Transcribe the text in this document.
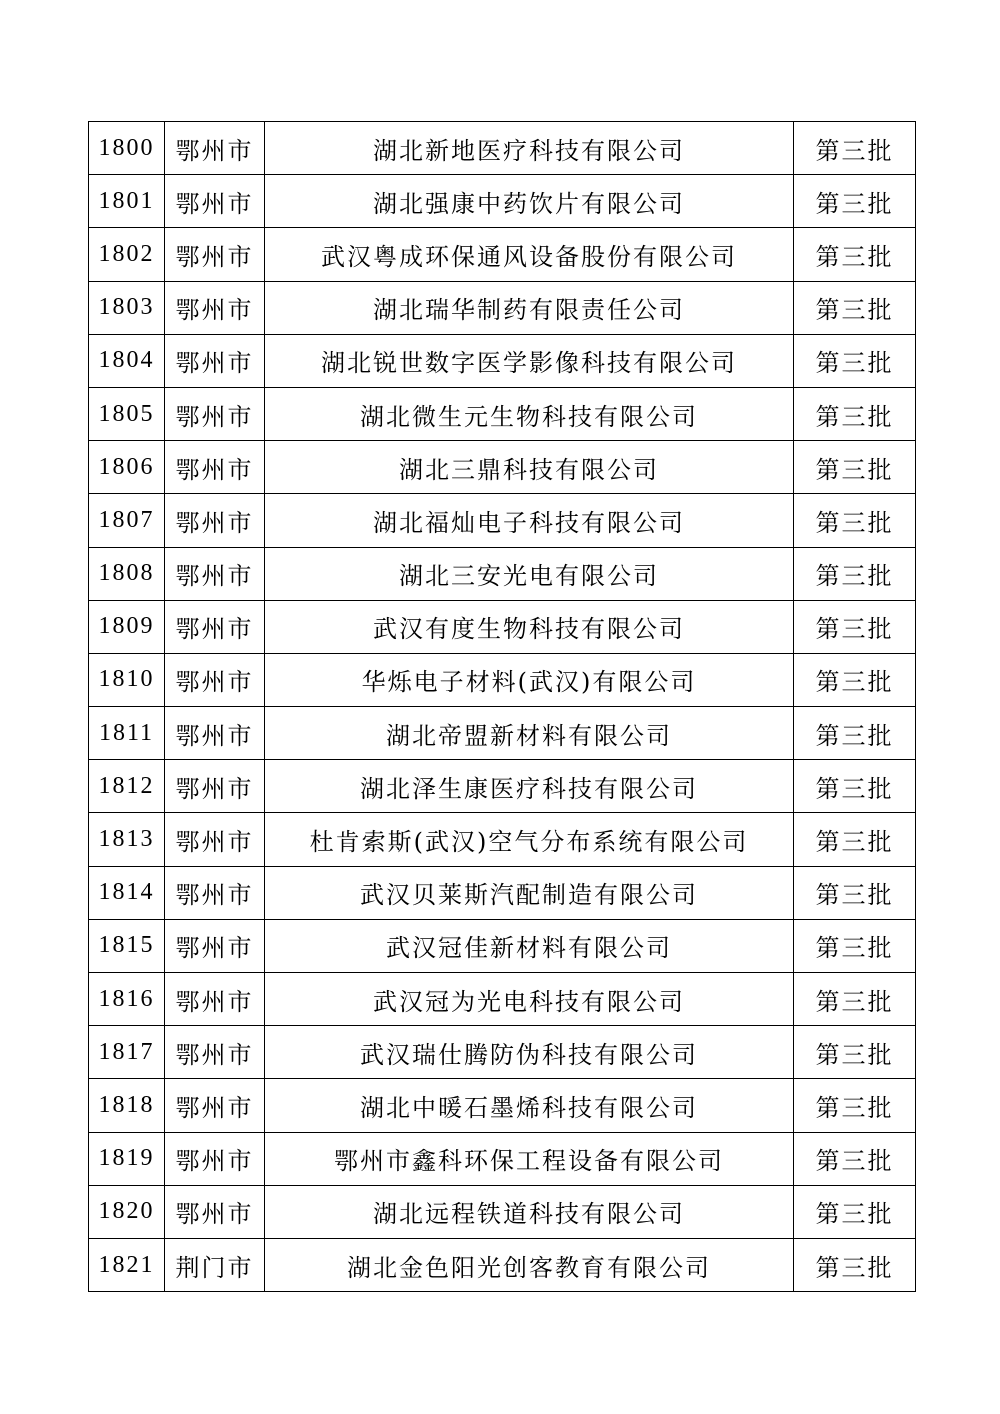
1800	鄂州市	湖北新地医疗科技有限公司	第三批
1801	鄂州市	湖北强康中药饮片有限公司	第三批
1802	鄂州市	武汉粤成环保通风设备股份有限公司	第三批
1803	鄂州市	湖北瑞华制药有限责任公司	第三批
1804	鄂州市	湖北锐世数字医学影像科技有限公司	第三批
1805	鄂州市	湖北微生元生物科技有限公司	第三批
1806	鄂州市	湖北三鼎科技有限公司	第三批
1807	鄂州市	湖北福灿电子科技有限公司	第三批
1808	鄂州市	湖北三安光电有限公司	第三批
1809	鄂州市	武汉有度生物科技有限公司	第三批
1810	鄂州市	华烁电子材料(武汉)有限公司	第三批
1811	鄂州市	湖北帝盟新材料有限公司	第三批
1812	鄂州市	湖北泽生康医疗科技有限公司	第三批
1813	鄂州市	杜肯索斯(武汉)空气分布系统有限公司	第三批
1814	鄂州市	武汉贝莱斯汽配制造有限公司	第三批
1815	鄂州市	武汉冠佳新材料有限公司	第三批
1816	鄂州市	武汉冠为光电科技有限公司	第三批
1817	鄂州市	武汉瑞仕腾防伪科技有限公司	第三批
1818	鄂州市	湖北中暖石墨烯科技有限公司	第三批
1819	鄂州市	鄂州市鑫科环保工程设备有限公司	第三批
1820	鄂州市	湖北远程铁道科技有限公司	第三批
1821	荆门市	湖北金色阳光创客教育有限公司	第三批
